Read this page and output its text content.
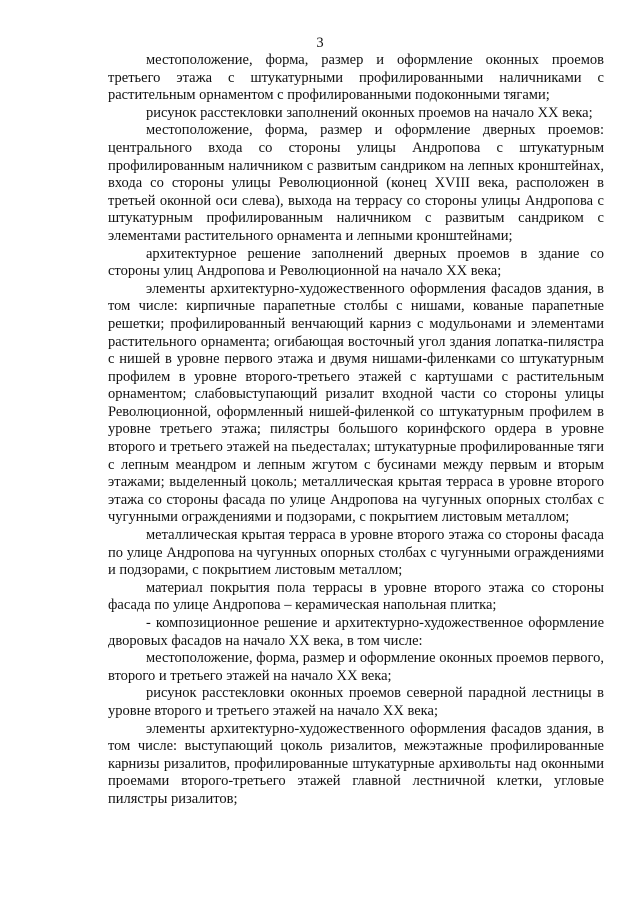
3

местоположение, форма, размер и оформление оконных проемов третьего этажа с штукатурными профилированными наличниками с растительным орнаментом с профилированными подоконными тягами;

рисунок расстекловки заполнений оконных проемов на начало XX века;

местоположение, форма, размер и оформление дверных проемов: центрального входа со стороны улицы Андропова с штукатурным профилированным наличником с развитым сандриком на лепных кронштейнах, входа со стороны улицы Революционной (конец XVIII века, расположен в третьей оконной оси слева), выхода на террасу со стороны улицы Андропова с штукатурным профилированным наличником с развитым сандриком с элементами растительного орнамента и лепными кронштейнами;

архитектурное решение заполнений дверных проемов в здание со стороны улиц Андропова и Революционной на начало XX века;

элементы архитектурно-художественного оформления фасадов здания, в том числе: кирпичные парапетные столбы с нишами, кованые парапетные решетки; профилированный венчающий карниз с модульонами и элементами растительного орнамента; огибающая восточный угол здания лопатка-пилястра с нишей в уровне первого этажа и двумя нишами-филенками со штукатурным профилем в уровне второго-третьего этажей с картушами с растительным орнаментом; слабовыступающий ризалит входной части со стороны улицы Революционной, оформленный нишей-филенкой со штукатурным профилем в уровне третьего этажа; пилястры большого коринфского ордера в уровне второго и третьего этажей на пьедесталах; штукатурные профилированные тяги с лепным меандром и лепным жгутом с бусинами между первым и вторым этажами; выделенный цоколь; металлическая крытая терраса в уровне второго этажа со стороны фасада по улице Андропова на чугунных опорных столбах с чугунными ограждениями и подзорами, с покрытием листовым металлом;

металлическая крытая терраса в уровне второго этажа со стороны фасада по улице Андропова на чугунных опорных столбах с чугунными ограждениями и подзорами, с покрытием листовым металлом;

материал покрытия пола террасы в уровне второго этажа со стороны фасада по улице Андропова – керамическая напольная плитка;

- композиционное решение и архитектурно-художественное оформление дворовых фасадов на начало XX века, в том числе:

местоположение, форма, размер и оформление оконных проемов первого, второго и третьего этажей на начало XX века;

рисунок расстекловки оконных проемов северной парадной лестницы в уровне второго и третьего этажей на начало XX века;

элементы архитектурно-художественного оформления фасадов здания, в том числе: выступающий цоколь ризалитов, межэтажные профилированные карнизы ризалитов, профилированные штукатурные архивольты над оконными проемами второго-третьего этажей главной лестничной клетки, угловые пилястры ризалитов;
